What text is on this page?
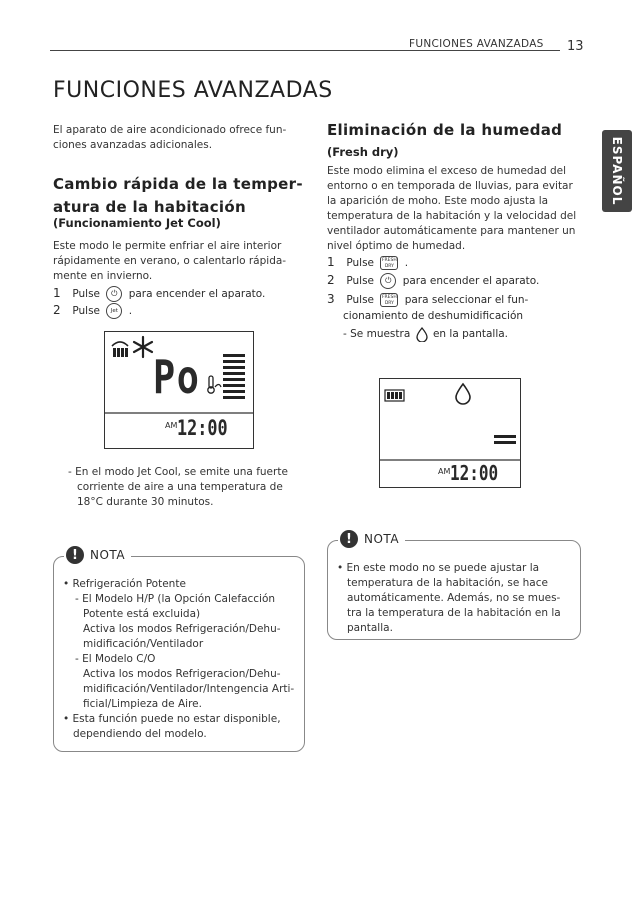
FUNCIONES AVANZADAS 13
ESPAÑOL
FUNCIONES AVANZADAS
El aparato de aire acondicionado ofrece fun-
ciones avanzadas adicionales.
Cambio rápida de la temper-
atura de la habitación
(Funcionamiento Jet Cool)
Este modo le permite enfriar el aire interior
rápidamente en verano, o calentarlo rápida-
mente en invierno.
1 Pulse ⏻ para encender el aparato.
2 Pulse Jet .
Po
AM 12:00
- En el modo Jet Cool, se emite una fuerte
corriente de aire a una temperatura de
18°C durante 30 minutos.
• Refrigeración Potente
- El Modelo H/P (la Opción Calefacción
Potente está excluida)
Activa los modos Refrigeración/Dehu-
midificación/Ventilador
- El Modelo C/O
Activa los modos Refrigeracion/Dehu-
midificación/Ventilador/Intengencia Arti-
ficial/Limpieza de Aire.
• Esta función puede no estar disponible,
dependiendo del modelo.
!	NOTA
Eliminación de la humedad
(Fresh dry)
Este modo elimina el exceso de humedad del
entorno o en temporada de lluvias, para evitar
la aparición de moho. Este modo ajusta la
temperatura de la habitación y la velocidad del
ventilador automáticamente para mantener un
nivel óptimo de humedad.
1 Pulse FRESH
DRY .
2 Pulse ⏻ para encender el aparato.
3 Pulse FRESH
DRY para seleccionar el fun-
cionamiento de deshumidificación
- Se muestra en la pantalla.
AM 12:00
• En este modo no se puede ajustar la
temperatura de la habitación, se hace
automáticamente. Además, no se mues-
tra la temperatura de la habitación en la
pantalla.
!	NOTA
